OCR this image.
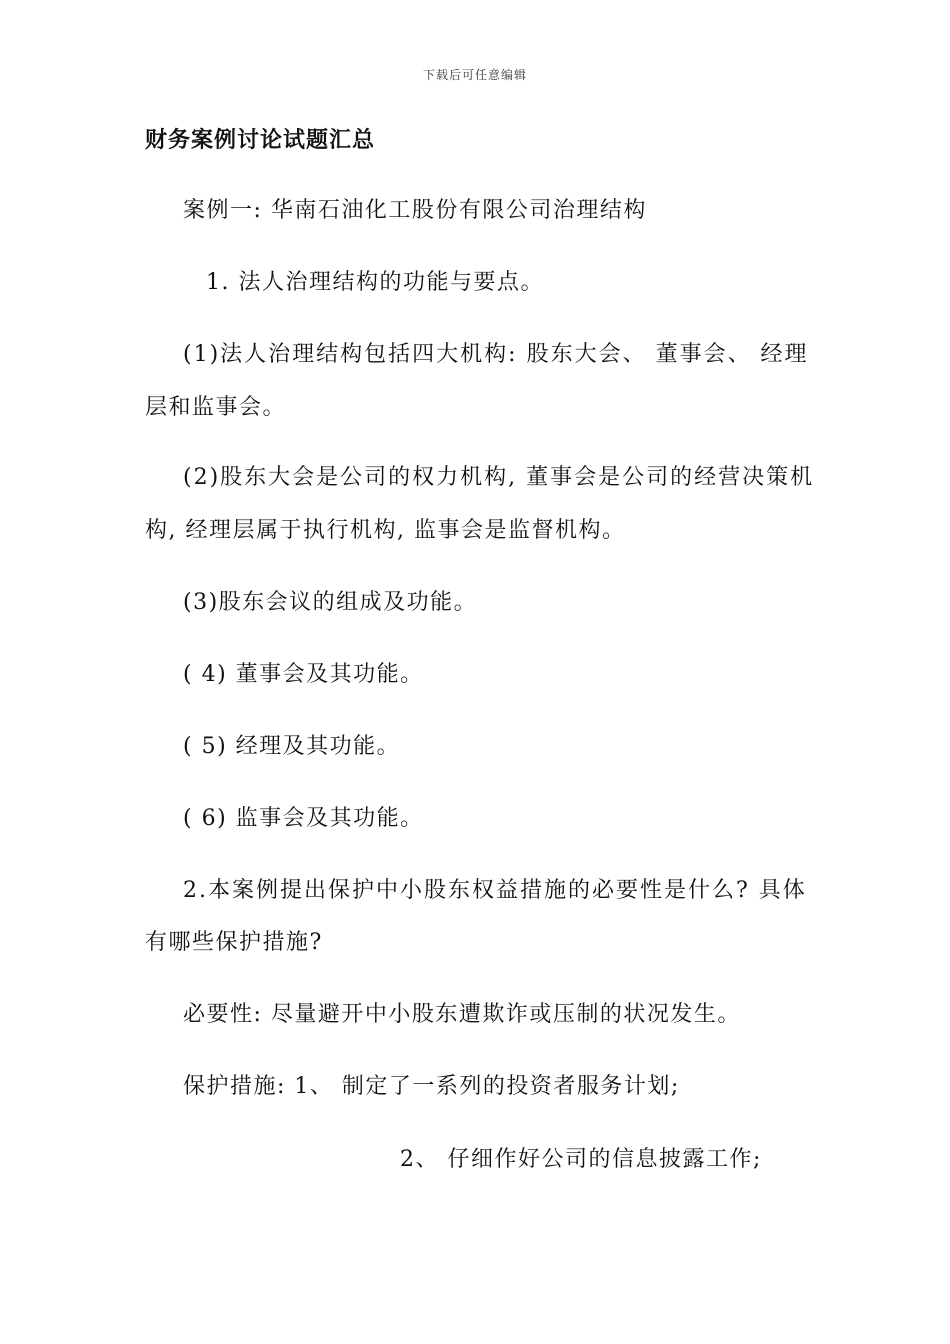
下载后可任意编辑
财务案例讨论试题汇总
案例一: 华南石油化工股份有限公司治理结构
1. 法人治理结构的功能与要点。
(1)法人治理结构包括四大机构: 股东大会、 董事会、 经理
层和监事会。
(2)股东大会是公司的权力机构, 董事会是公司的经营决策机
构, 经理层属于执行机构, 监事会是监督机构。
(3)股东会议的组成及功能。
( 4) 董事会及其功能。
( 5) 经理及其功能。
( 6) 监事会及其功能。
2.本案例提出保护中小股东权益措施的必要性是什么? 具体
有哪些保护措施?
必要性: 尽量避开中小股东遭欺诈或压制的状况发生。
保护措施: 1、 制定了一系列的投资者服务计划;
2、 仔细作好公司的信息披露工作;
